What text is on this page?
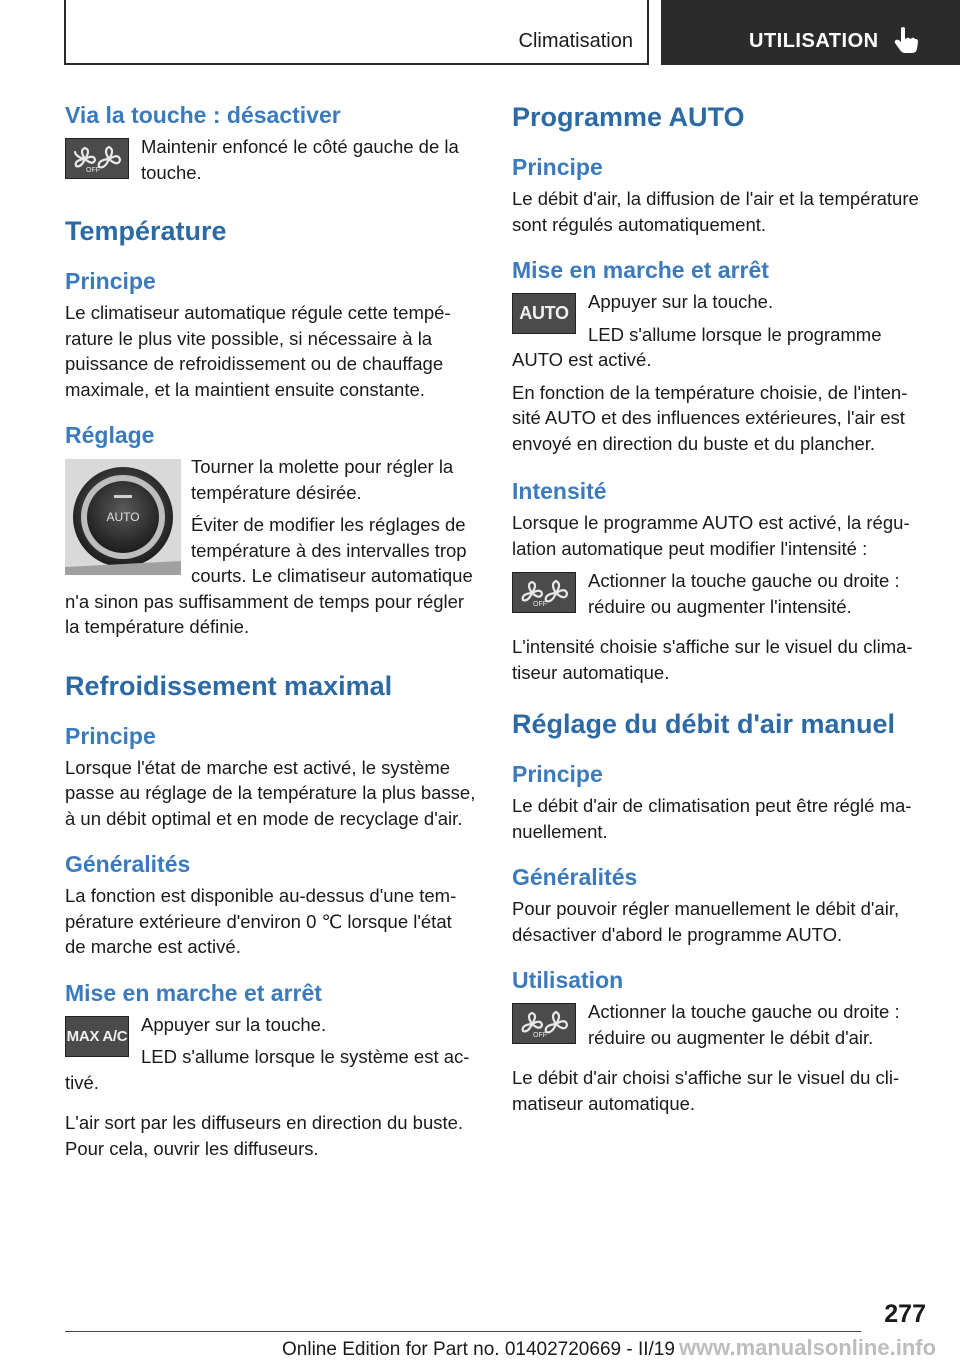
Climatisation	UTILISATION
Via la touche : désactiver
OFF

Maintenir enfoncé le côté gauche de la touche.

Température
Principe

Le climatiseur automatique régule cette température le plus vite possible, si nécessaire à la puissance de refroidissement ou de chauffage maximale, et la maintient ensuite constante.

Réglage
AUTO

Tourner la molette pour régler la température désirée.

Éviter de modifier les réglages de température à des intervalles trop courts. Le climatiseur automatique n'a sinon pas suffisamment de temps pour régler la température définie.

Refroidissement maximal
Principe

Lorsque l'état de marche est activé, le système passe au réglage de la température la plus basse, à un débit optimal et en mode de recyclage d'air.

Généralités

La fonction est disponible au-dessus d'une température extérieure d'environ 0 ℃ lorsque l'état de marche est activé.

Mise en marche et arrêt
MAX A/C

Appuyer sur la touche.

LED s'allume lorsque le système est activé.

L'air sort par les diffuseurs en direction du buste. Pour cela, ouvrir les diffuseurs.

Programme AUTO
Principe

Le débit d'air, la diffusion de l'air et la température sont régulés automatiquement.

Mise en marche et arrêt
AUTO

Appuyer sur la touche.

LED s'allume lorsque le programme AUTO est activé.

En fonction de la température choisie, de l'intensité AUTO et des influences extérieures, l'air est envoyé en direction du buste et du plancher.

Intensité

Lorsque le programme AUTO est activé, la régulation automatique peut modifier l'intensité :

OFF

Actionner la touche gauche ou droite : réduire ou augmenter l'intensité.

L'intensité choisie s'affiche sur le visuel du climatiseur automatique.

Réglage du débit d'air manuel
Principe

Le débit d'air de climatisation peut être réglé manuellement.

Généralités

Pour pouvoir régler manuellement le débit d'air, désactiver d'abord le programme AUTO.

Utilisation
OFF

Actionner la touche gauche ou droite : réduire ou augmenter le débit d'air.

Le débit d'air choisi s'affiche sur le visuel du climatiseur automatique.

277
Online Edition for Part no. 01402720669 - II/19 www.manualsonline.info
